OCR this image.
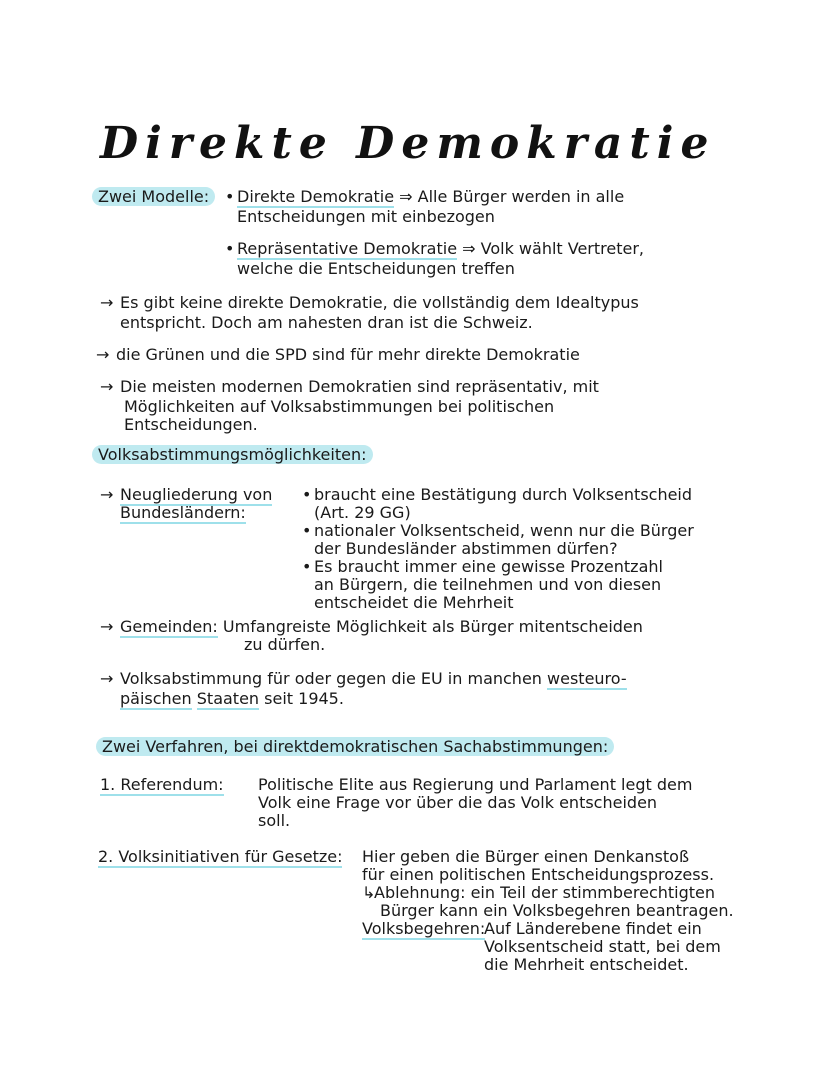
Direkte Demokratie
Zwei Modelle: • Direkte Demokratie ⇒ Alle Bürger werden in alle
Entscheidungen mit einbezogen
• Repräsentative Demokratie ⇒ Volk wählt Vertreter,
welche die Entscheidungen treffen
→ Es gibt keine direkte Demokratie, die vollständig dem Idealtypus
entspricht. Doch am nahesten dran ist die Schweiz.
→ die Grünen und die SPD sind für mehr direkte Demokratie
→ Die meisten modernen Demokratien sind repräsentativ, mit
Möglichkeiten auf Volksabstimmungen bei politischen
Entscheidungen.
Volksabstimmungsmöglichkeiten:
→ Neugliederung von
Bundesländern:
• braucht eine Bestätigung durch Volksentscheid
(Art. 29 GG)
• nationaler Volksentscheid, wenn nur die Bürger
der Bundesländer abstimmen dürfen?
• Es braucht immer eine gewisse Prozentzahl
an Bürgern, die teilnehmen und von diesen
entscheidet die Mehrheit
→ Gemeinden: Umfangreiste Möglichkeit als Bürger mitentscheiden
zu dürfen.
→ Volksabstimmung für oder gegen die EU in manchen westeuro-
päischen Staaten seit 1945.
Zwei Verfahren, bei direktdemokratischen Sachabstimmungen:
1. Referendum: Politische Elite aus Regierung und Parlament legt dem
Volk eine Frage vor über die das Volk entscheiden
soll.
2. Volksinitiativen für Gesetze: Hier geben die Bürger einen Denkanstoß
für einen politischen Entscheidungsprozess.
↳Ablehnung: ein Teil der stimmberechtigten
Bürger kann ein Volksbegehren beantragen.
Volksbegehren:
Auf Länderebene findet ein
Volksentscheid statt, bei dem
die Mehrheit entscheidet.
